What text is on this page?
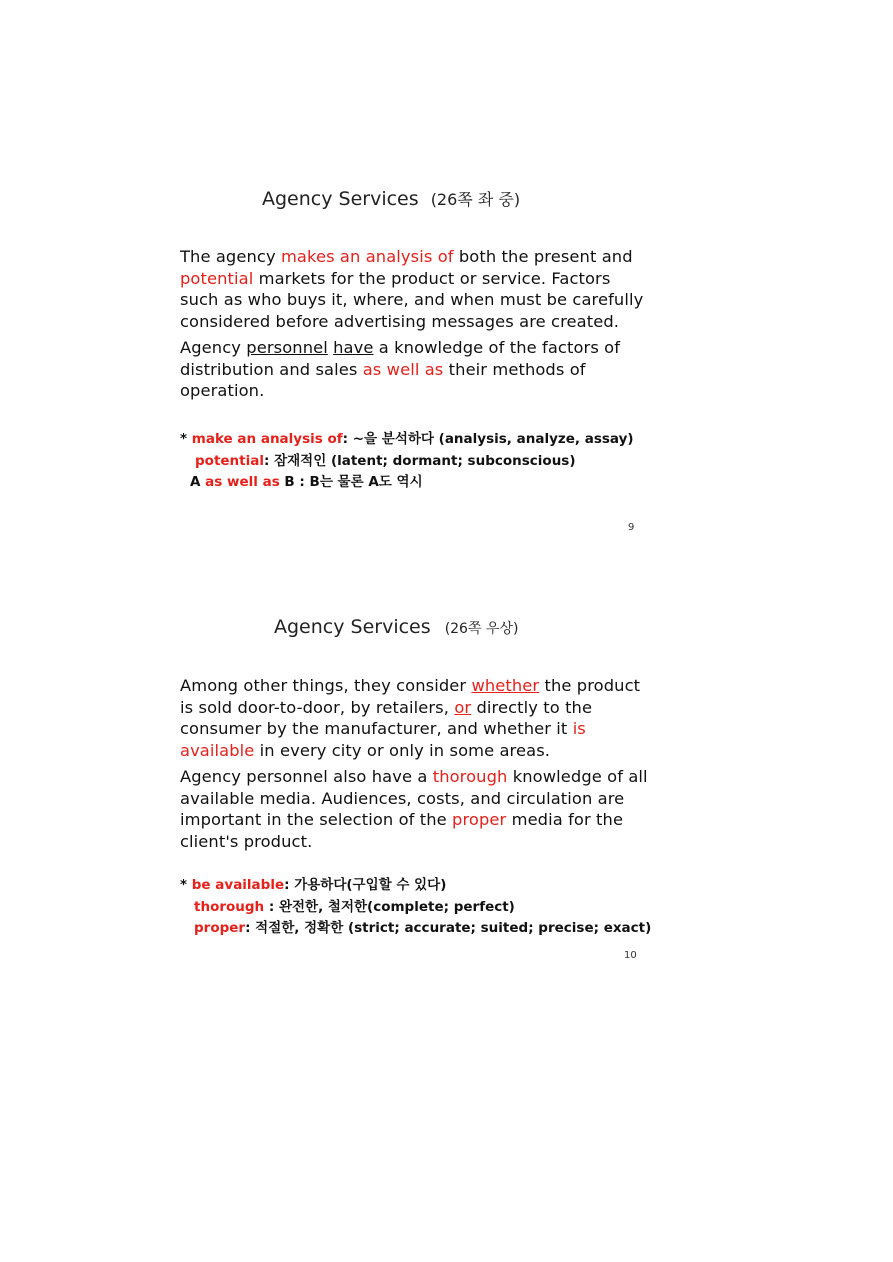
Agency Services (26쪽 좌 중)

The agency makes an analysis of both the present and potential markets for the product or service. Factors such as who buys it, where, and when must be carefully considered before advertising messages are created.

Agency personnel have a knowledge of the factors of distribution and sales as well as their methods of operation.

* make an analysis of: ~을 분석하다 (analysis, analyze, assay)
potential: 잠재적인 (latent; dormant; subconscious)
A as well as B : B는 물론 A도 역시
9
Agency Services (26쪽 우상)

Among other things, they consider whether the product is sold door-to-door, by retailers, or directly to the consumer by the manufacturer, and whether it is available in every city or only in some areas.

Agency personnel also have a thorough knowledge of all available media. Audiences, costs, and circulation are important in the selection of the proper media for the client's product.

* be available: 가용하다(구입할 수 있다)
thorough : 완전한, 철저한(complete; perfect)
proper: 적절한, 정확한 (strict; accurate; suited; precise; exact)
10
